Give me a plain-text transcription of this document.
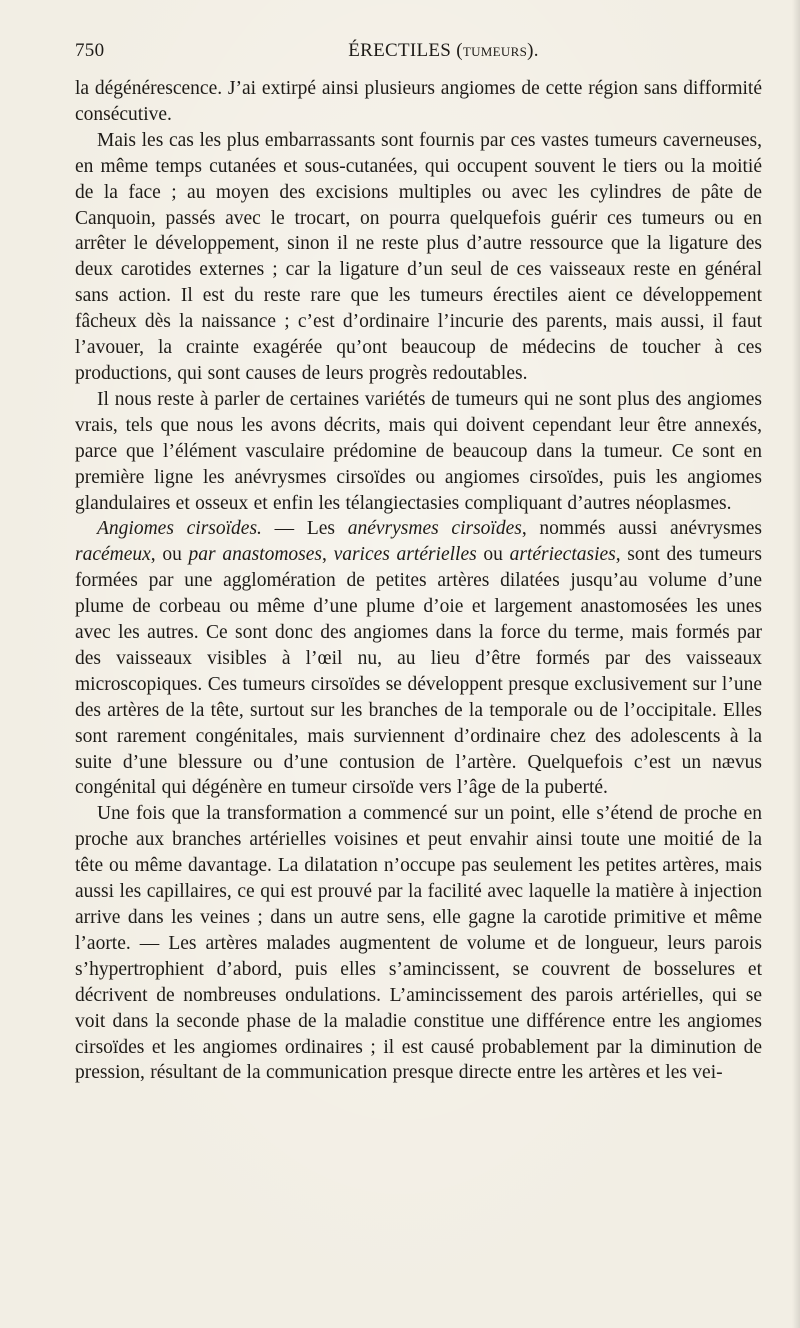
750	ÉRECTILES (TUMEURS).

la dégénérescence. J’ai extirpé ainsi plusieurs angiomes de cette région sans difformité consécutive.

Mais les cas les plus embarrassants sont fournis par ces vastes tumeurs caverneuses, en même temps cutanées et sous-cutanées, qui occupent souvent le tiers ou la moitié de la face ; au moyen des excisions multiples ou avec les cylindres de pâte de Canquoin, passés avec le trocart, on pourra quelquefois guérir ces tumeurs ou en arrêter le développement, sinon il ne reste plus d’autre ressource que la ligature des deux carotides externes ; car la ligature d’un seul de ces vaisseaux reste en général sans action. Il est du reste rare que les tumeurs érectiles aient ce développement fâcheux dès la naissance ; c’est d’ordinaire l’incurie des parents, mais aussi, il faut l’avouer, la crainte exagérée qu’ont beaucoup de médecins de toucher à ces productions, qui sont causes de leurs progrès redoutables.

Il nous reste à parler de certaines variétés de tumeurs qui ne sont plus des angiomes vrais, tels que nous les avons décrits, mais qui doivent cependant leur être annexés, parce que l’élément vasculaire prédomine de beaucoup dans la tumeur. Ce sont en première ligne les anévrysmes cirsoïdes ou angiomes cirsoïdes, puis les angiomes glandulaires et osseux et enfin les télangiectasies compliquant d’autres néoplasmes.

Angiomes cirsoïdes. — Les anévrysmes cirsoïdes, nommés aussi anévrysmes racémeux, ou par anastomoses, varices artérielles ou artériectasies, sont des tumeurs formées par une agglomération de petites artères dilatées jusqu’au volume d’une plume de corbeau ou même d’une plume d’oie et largement anastomosées les unes avec les autres. Ce sont donc des angiomes dans la force du terme, mais formés par des vaisseaux visibles à l’œil nu, au lieu d’être formés par des vaisseaux microscopiques. Ces tumeurs cirsoïdes se développent presque exclusivement sur l’une des artères de la tête, surtout sur les branches de la temporale ou de l’occipitale. Elles sont rarement congénitales, mais surviennent d’ordinaire chez des adolescents à la suite d’une blessure ou d’une contusion de l’artère. Quelquefois c’est un nævus congénital qui dégénère en tumeur cirsoïde vers l’âge de la puberté.

Une fois que la transformation a commencé sur un point, elle s’étend de proche en proche aux branches artérielles voisines et peut envahir ainsi toute une moitié de la tête ou même davantage. La dilatation n’occupe pas seulement les petites artères, mais aussi les capillaires, ce qui est prouvé par la facilité avec laquelle la matière à injection arrive dans les veines ; dans un autre sens, elle gagne la carotide primitive et même l’aorte. — Les artères malades augmentent de volume et de longueur, leurs parois s’hypertrophient d’abord, puis elles s’amincissent, se couvrent de bosselures et décrivent de nombreuses ondulations. L’amincissement des parois artérielles, qui se voit dans la seconde phase de la maladie constitue une différence entre les angiomes cirsoïdes et les angiomes ordinaires ; il est causé probablement par la diminution de pression, résultant de la communication presque directe entre les artères et les vei-
